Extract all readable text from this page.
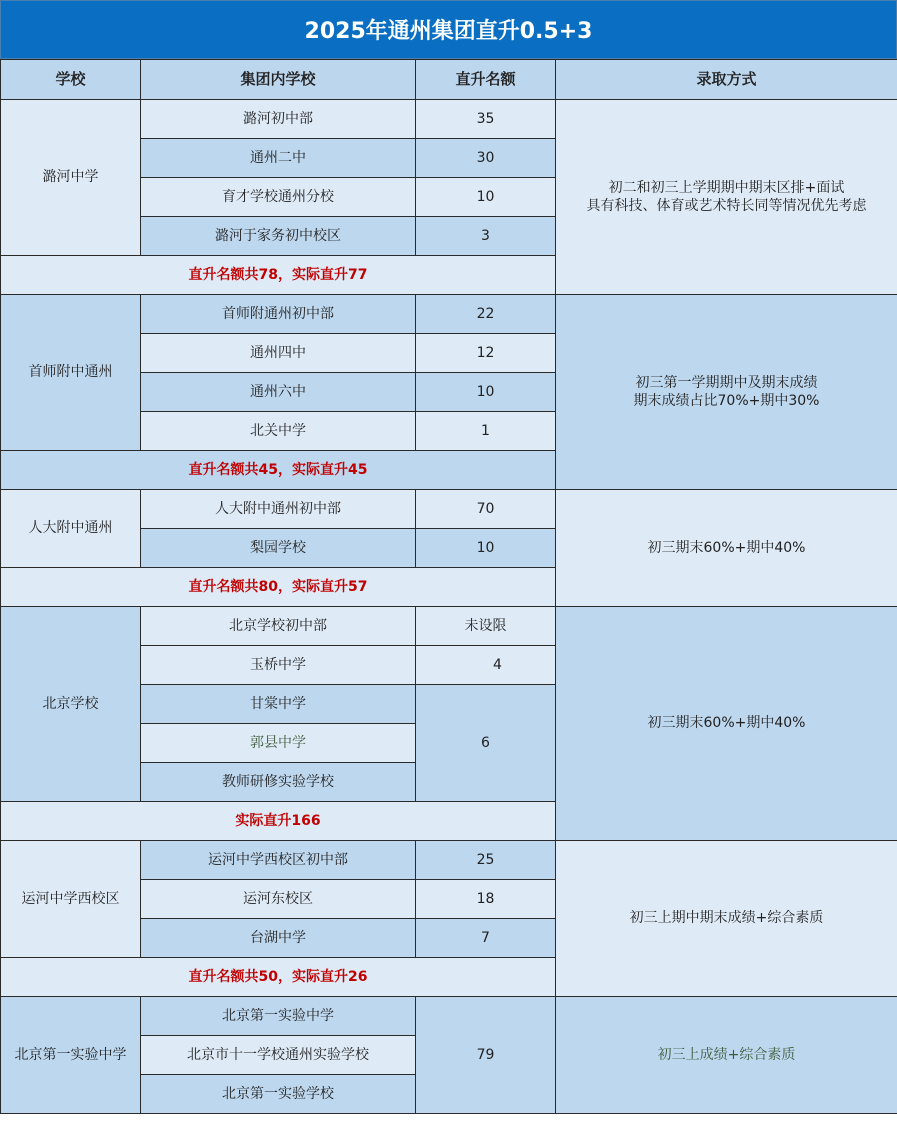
2025年通州集团直升0.5+3
学校	集团内学校	直升名额	录取方式
潞河中学	潞河初中部	35	初二和初三上学期期中期末区排+面试
具有科技、体育或艺术特长同等情况优先考虑

	通州二中	30	
	育才学校通州分校	10	
	潞河于家务初中校区	3	
直升名额共78，实际直升77			
首师附中通州	首师附通州初中部	22	初三第一学期期中及期末成绩
期末成绩占比70%+期中30%

	通州四中	12	
	通州六中	10	
	北关中学	1	
直升名额共45，实际直升45			
人大附中通州	人大附中通州初中部	70	初三期末60%+期中40%

	梨园学校	10	
直升名额共80，实际直升57			
北京学校	北京学校初中部	未设限	初三期末60%+期中40%

	玉桥中学	4	
	甘棠中学	6	
	郭县中学		
	教师研修实验学校		
实际直升166			
运河中学西校区	运河中学西校区初中部	25	初三上期中期末成绩+综合素质

	运河东校区	18	
	台湖中学	7	
直升名额共50，实际直升26			
北京第一实验中学	北京第一实验中学	79	初三上成绩+综合素质

	北京市十一学校通州实验学校		
	北京第一实验学校		
